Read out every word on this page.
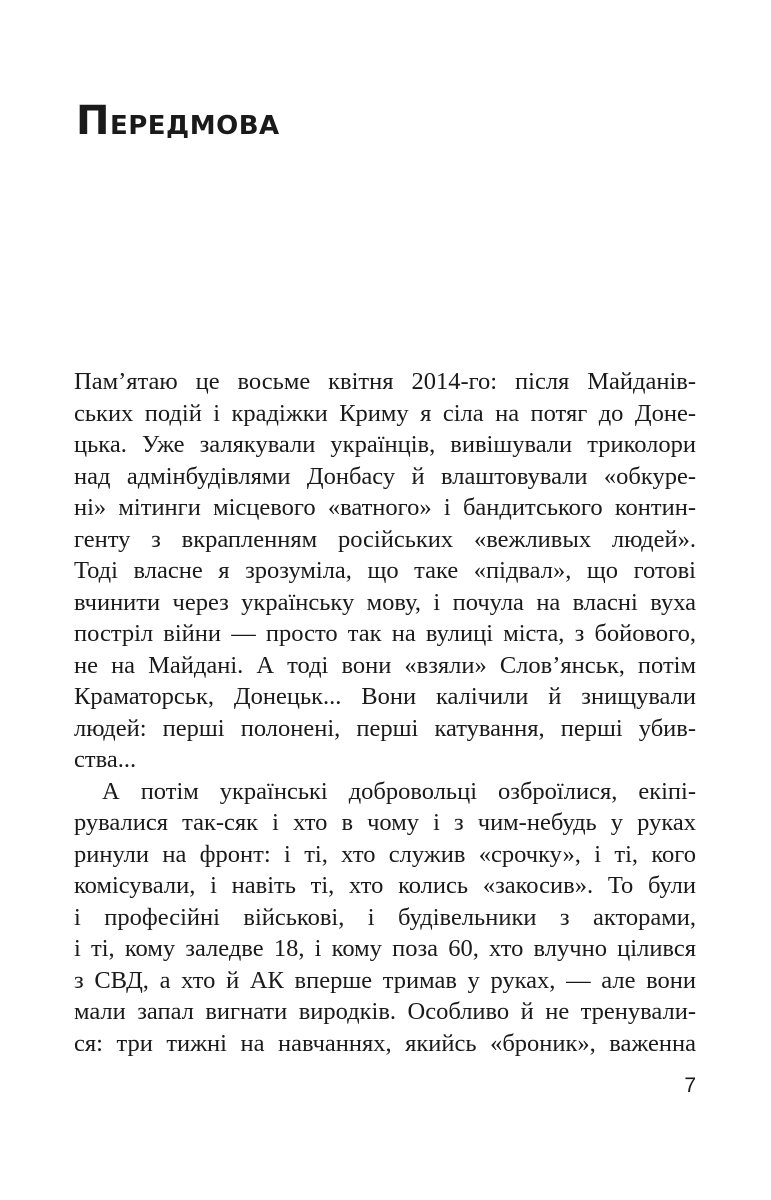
ПЕРЕДМОВА
Пам’ятаю це восьме квітня 2014-го: після Майданів-
ських подій і крадіжки Криму я сіла на потяг до Доне-
цька. Уже залякували українців, вивішували триколори
над адмінбудівлями Донбасу й влаштовували «обкуре-
ні» мітинги місцевого «ватного» і бандитського контин-
генту з вкрапленням російських «вежливых людей».
Тоді власне я зрозуміла, що таке «підвал», що готові
вчинити через українську мову, і почула на власні вуха
постріл війни — просто так на вулиці міста, з бойового,
не на Майдані. А тоді вони «взяли» Слов’янськ, потім
Краматорськ, Донецьк... Вони калічили й знищували
людей: перші полонені, перші катування, перші убив-
ства...
А потім українські добровольці озброїлися, екіпі-
рувалися так-сяк і хто в чому і з чим-небудь у руках
ринули на фронт: і ті, хто служив «срочку», і ті, кого
комісували, і навіть ті, хто колись «закосив». То були
і професійні військові, і будівельники з акторами,
і ті, кому заледве 18, і кому поза 60, хто влучно цілився
з СВД, а хто й АК вперше тримав у руках, — але вони
мали запал вигнати виродків. Особливо й не тренували-
ся: три тижні на навчаннях, якийсь «броник», важенна

7
